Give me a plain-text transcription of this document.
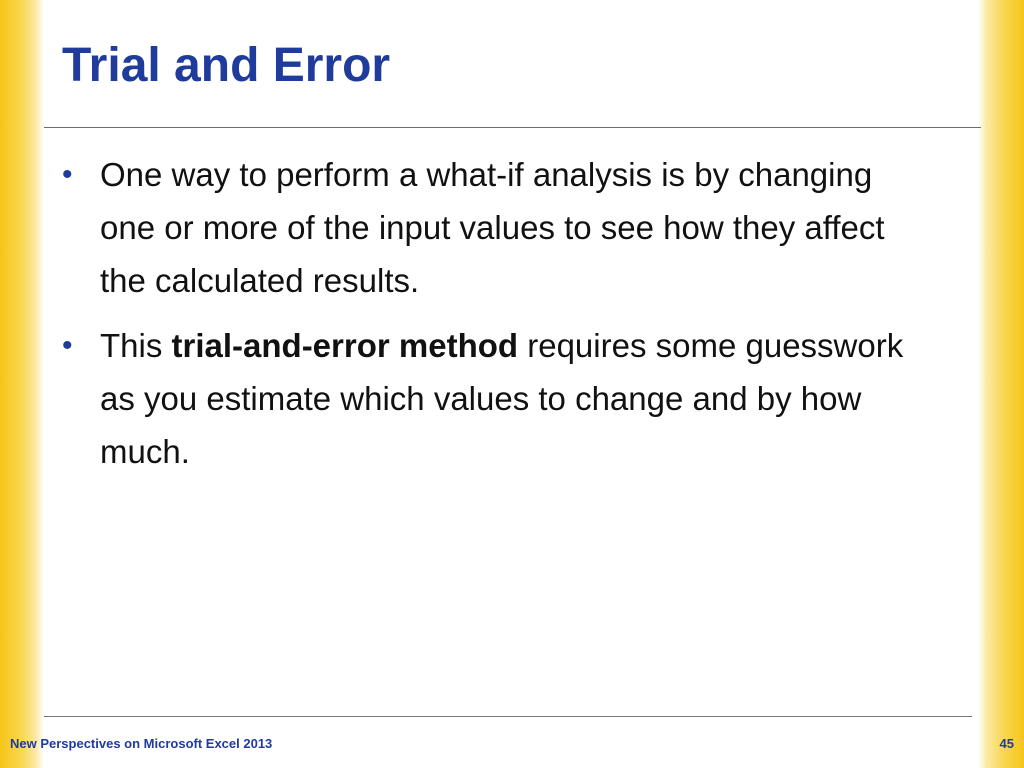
Trial and Error
• One way to perform a what-if analysis is by changing one or more of the input values to see how they affect the calculated results.
• This trial-and-error method requires some guesswork as you estimate which values to change and by how much.
New Perspectives on Microsoft Excel 2013	45
